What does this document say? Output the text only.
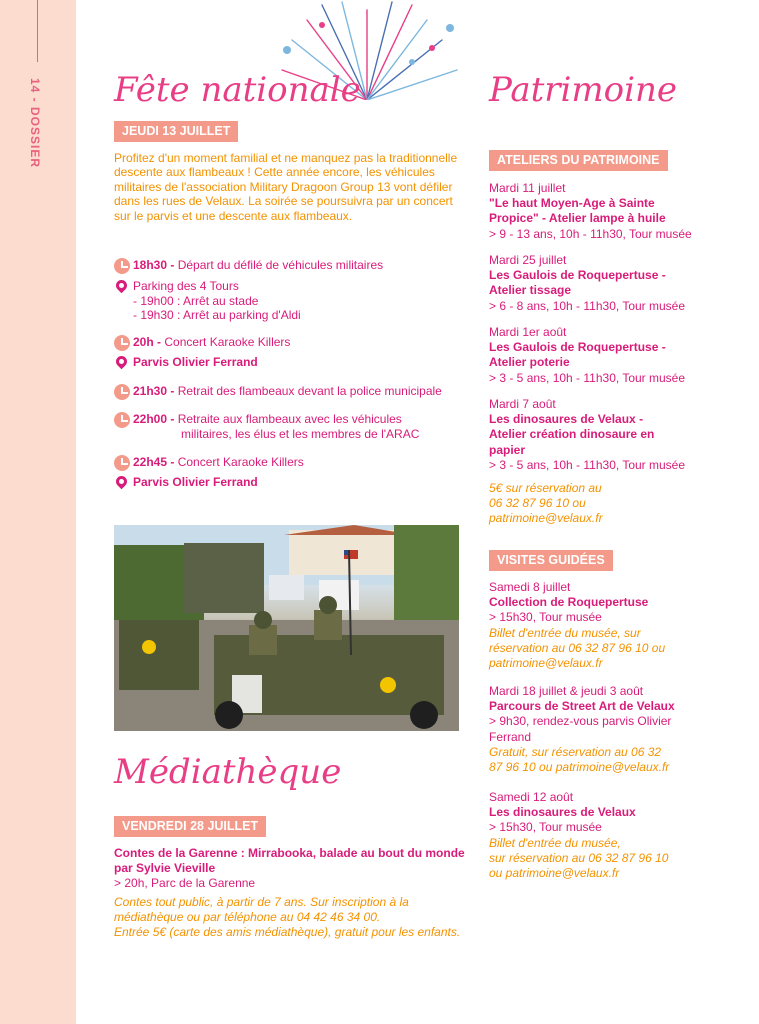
14 - DOSSIER Fête nationale
JEUDI 13 JUILLET

Profitez d'un moment familial et ne manquez pas la traditionnelle descente aux flambeaux ! Cette année encore, les véhicules militaires de l'association Military Dragoon Group 13 vont défiler dans les rues de Velaux. La soirée se poursuivra par un concert sur le parvis et une descente aux flambeaux.

18h30 - Départ du défilé de véhicules militaires
Parking des 4 Tours
- 19h00 : Arrêt au stade
- 19h30 : Arrêt au parking d'Aldi
20h - Concert Karaoke Killers
Parvis Olivier Ferrand
21h30 - Retrait des flambeaux devant la police municipale
22h00 - Retraite aux flambeaux avec les véhicules
militaires, les élus et les membres de l'ARAC
22h45 - Concert Karaoke Killers
Parvis Olivier Ferrand
Médiathèque
VENDREDI 28 JUILLET
Contes de la Garenne : Mirrabooka, balade au bout du monde
par Sylvie Vieville
> 20h, Parc de la Garenne
Contes tout public, à partir de 7 ans. Sur inscription à la
médiathèque ou par téléphone au 04 42 46 34 00.
Entrée 5€ (carte des amis médiathèque), gratuit pour les enfants.
Patrimoine
ATELIERS DU PATRIMOINE
Mardi 11 juillet
"Le haut Moyen-Age à Sainte
Propice" - Atelier lampe à huile
> 9 - 13 ans, 10h - 11h30, Tour musée
Mardi 25 juillet
Les Gaulois de Roquepertuse -
Atelier tissage
> 6 - 8 ans, 10h - 11h30, Tour musée
Mardi 1er août
Les Gaulois de Roquepertuse -
Atelier poterie
> 3 - 5 ans, 10h - 11h30, Tour musée
Mardi 7 août
Les dinosaures de Velaux -
Atelier création dinosaure en
papier
> 3 - 5 ans, 10h - 11h30, Tour musée
5€ sur réservation au
06 32 87 96 10 ou
patrimoine@velaux.fr
VISITES GUIDÉES
Samedi 8 juillet
Collection de Roquepertuse
> 15h30, Tour musée
Billet d'entrée du musée, sur
réservation au 06 32 87 96 10 ou
patrimoine@velaux.fr
Mardi 18 juillet & jeudi 3 août
Parcours de Street Art de Velaux
> 9h30, rendez-vous parvis Olivier
Ferrand
Gratuit, sur réservation au 06 32
87 96 10 ou patrimoine@velaux.fr
Samedi 12 août
Les dinosaures de Velaux
> 15h30, Tour musée
Billet d'entrée du musée,
sur réservation au 06 32 87 96 10
ou patrimoine@velaux.fr
